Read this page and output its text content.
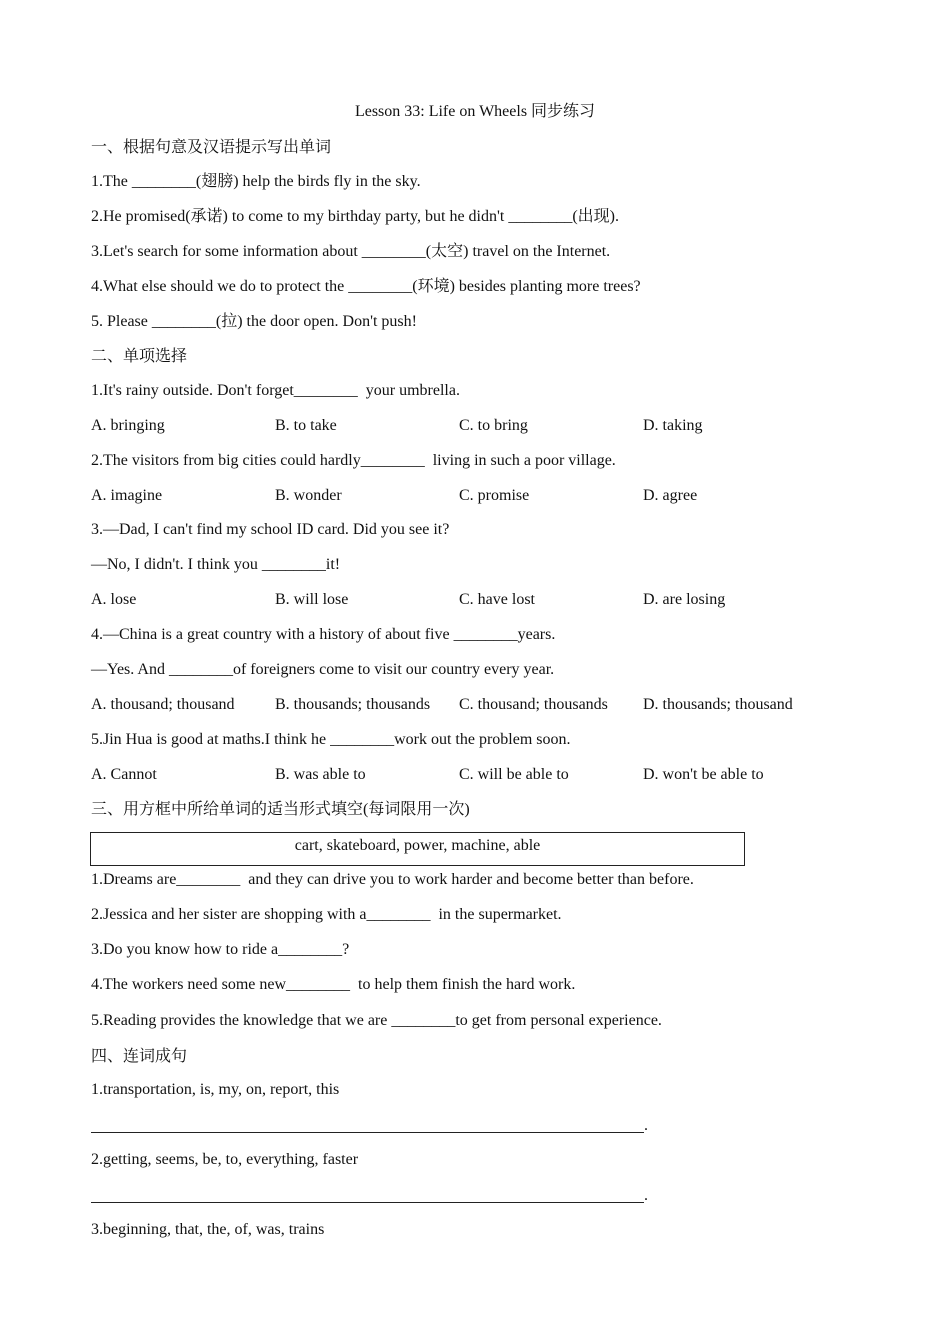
Lesson 33: Life on Wheels 同步练习
一、根据句意及汉语提示写出单词
1.The ________(翅膀) help the birds fly in the sky.
2.He promised(承诺) to come to my birthday party, but he didn't ________(出现).
3.Let's search for some information about ________(太空) travel on the Internet.
4.What else should we do to protect the ________(环境) besides planting more trees?
5. Please ________(拉) the door open. Don't push!
二、单项选择
1.It's rainy outside. Don't forget________  your umbrella.
A. bringing	B. to take	C. to bring	D. taking
2.The visitors from big cities could hardly________  living in such a poor village.
A. imagine	B. wonder	C. promise	D. agree
3.—Dad, I can't find my school ID card. Did you see it?
—No, I didn't. I think you ________it!
A. lose	B. will lose	C. have lost	D. are losing
4.—China is a great country with a history of about five ________years.
—Yes. And ________of foreigners come to visit our country every year.
A. thousand; thousand	B. thousands; thousands C. thousand; thousands D. thousands; thousand
5.Jin Hua is good at maths.I think he ________work out the problem soon.
A. Cannot	B. was able to	C. will be able to	D. won't be able to
三、用方框中所给单词的适当形式填空(每词限用一次)
cart, skateboard, power, machine, able
1.Dreams are________  and they can drive you to work harder and become better than before.
2.Jessica and her sister are shopping with a________  in the supermarket.
3.Do you know how to ride a________?
4.The workers need some new________  to help them finish the hard work.
5.Reading provides the knowledge that we are ________to get from personal experience.
四、连词成句
1.transportation, is, my, on, report, this
.
2.getting, seems, be, to, everything, faster
.
3.beginning, that, the, of, was, trains
